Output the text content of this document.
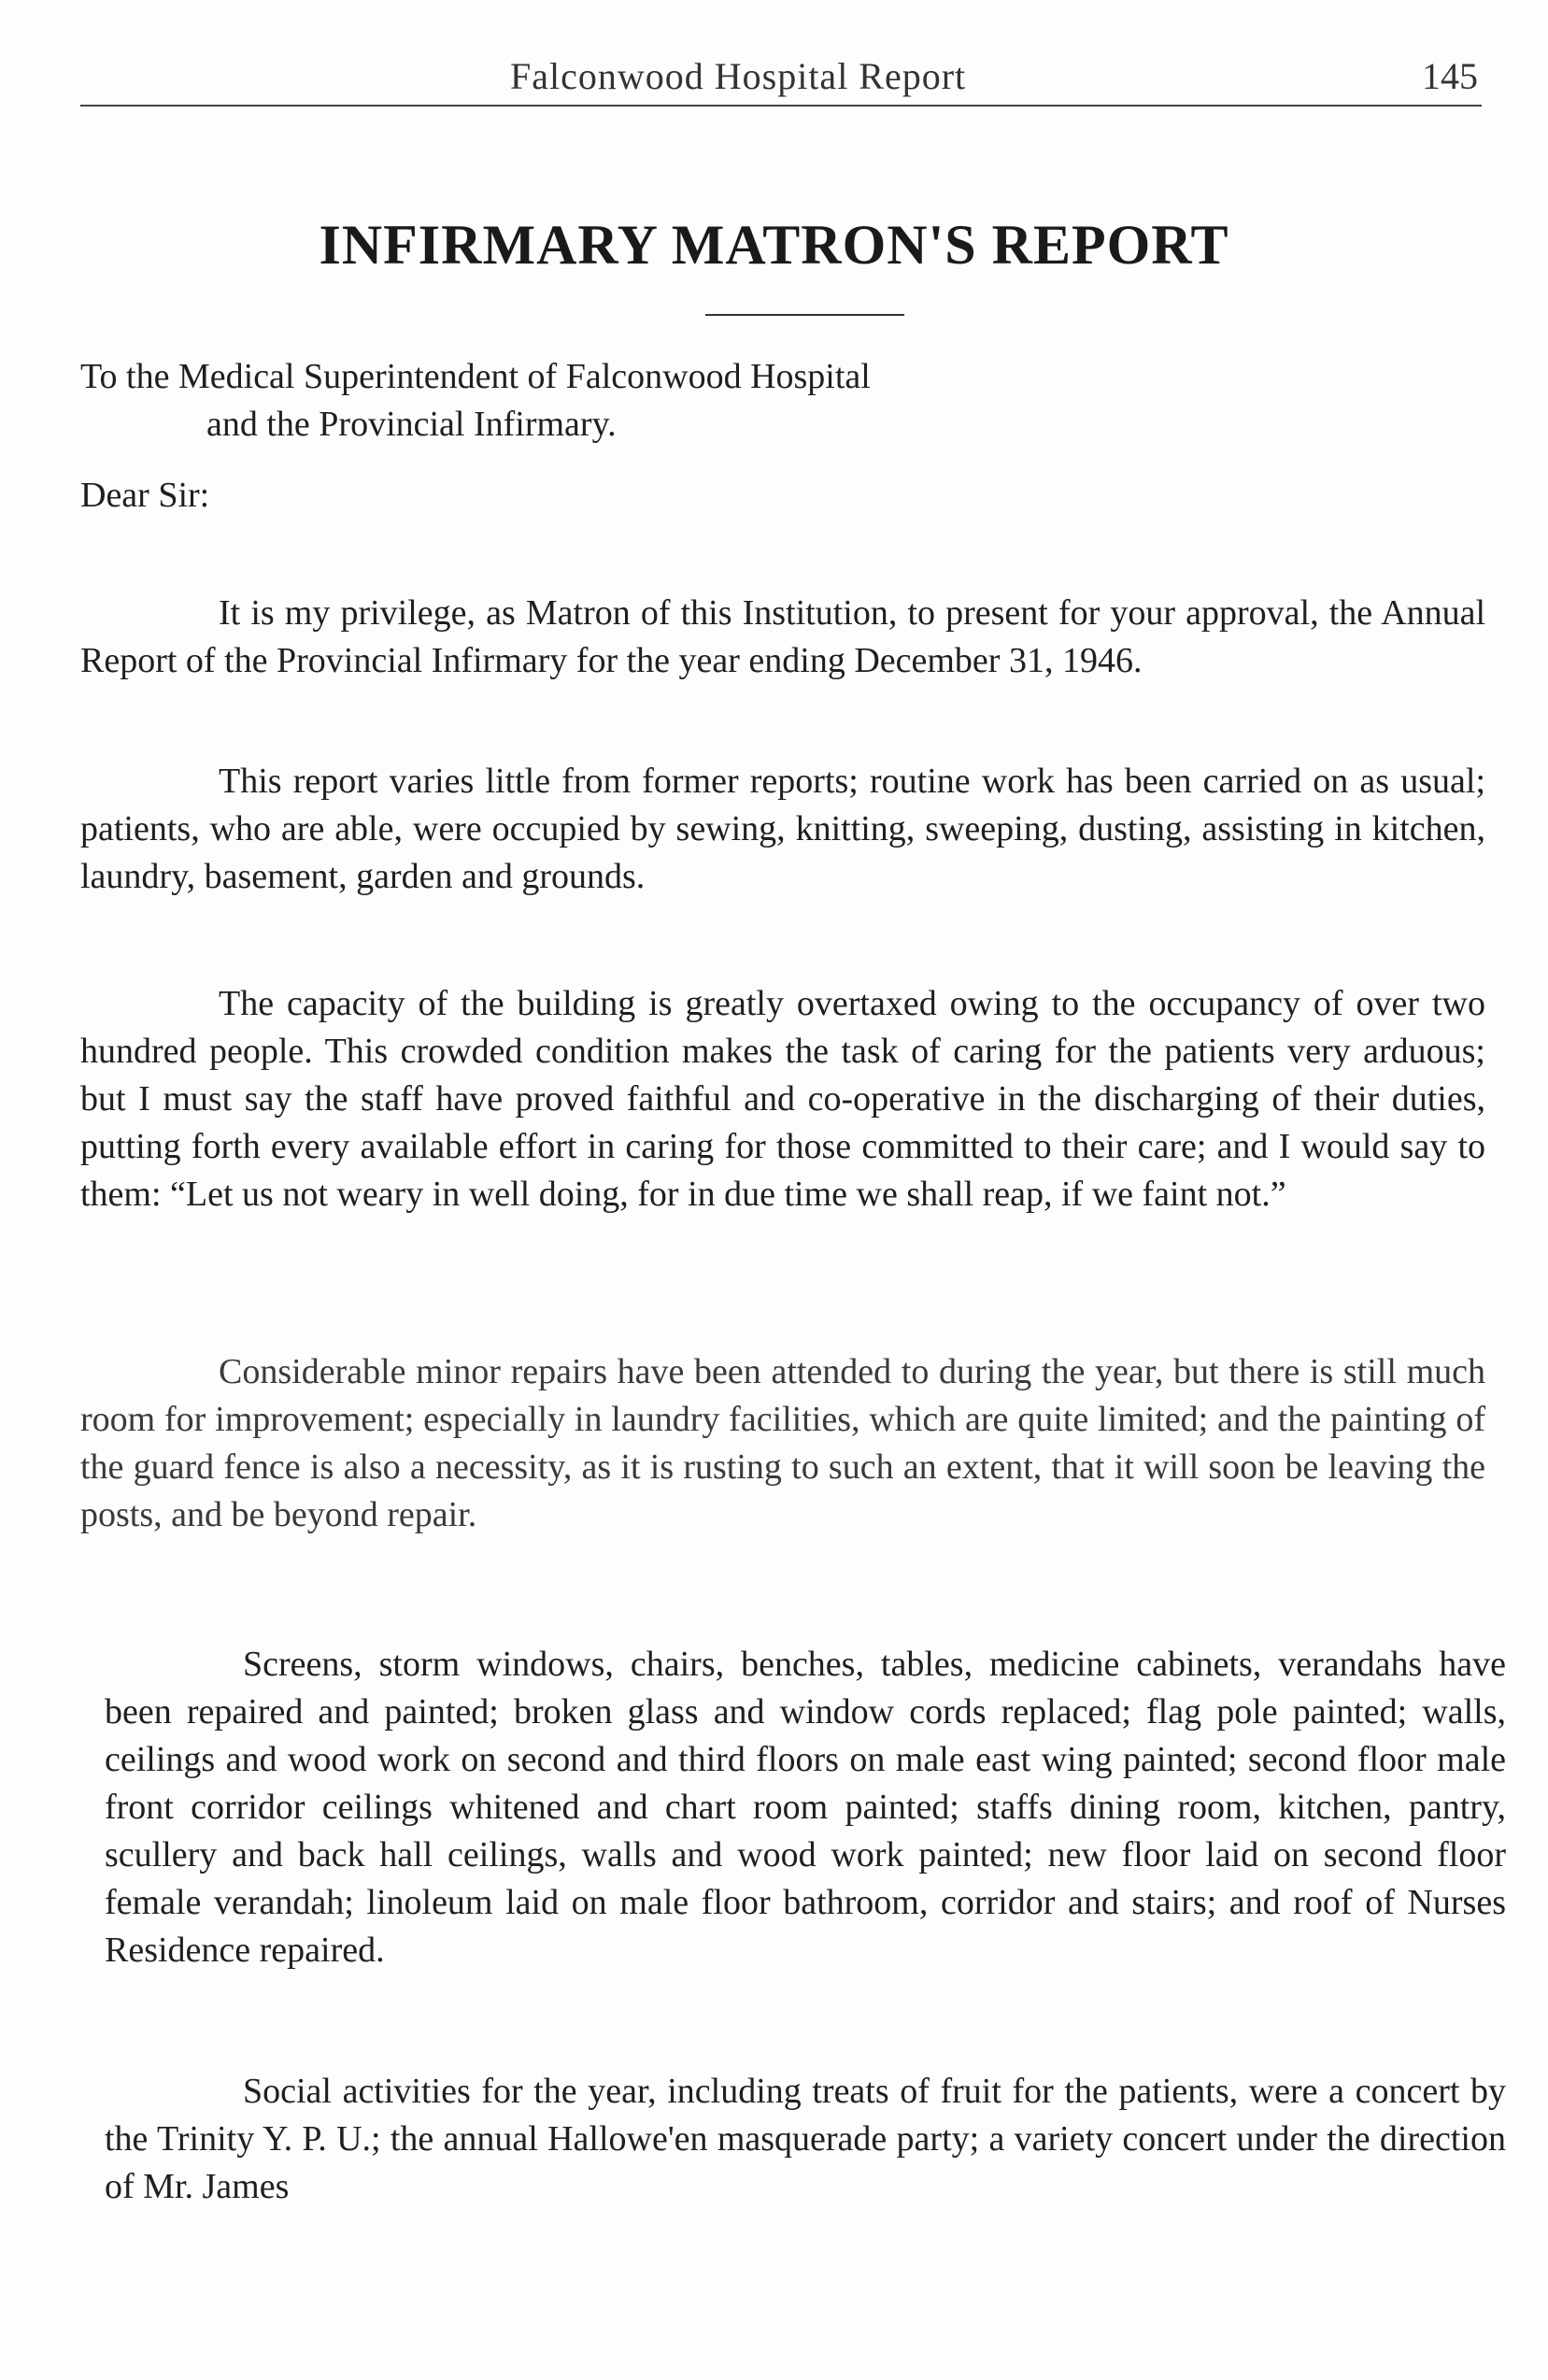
Falconwood Hospital Report	145
INFIRMARY MATRON'S REPORT
To the Medical Superintendent of Falconwood Hospital
and the Provincial Infirmary.
Dear Sir:

It is my privilege, as Matron of this Institution, to present for your approval, the Annual Report of the Provincial Infirmary for the year ending December 31, 1946.

This report varies little from former reports; routine work has been carried on as usual; patients, who are able, were occupied by sewing, knitting, sweeping, dusting, assisting in kitchen, laundry, basement, garden and grounds.

The capacity of the building is greatly overtaxed owing to the occupancy of over two hundred people. This crowded condition makes the task of caring for the patients very arduous; but I must say the staff have proved faithful and co-operative in the discharging of their duties, putting forth every available effort in caring for those committed to their care; and I would say to them: “Let us not weary in well doing, for in due time we shall reap, if we faint not.”

Considerable minor repairs have been attended to during the year, but there is still much room for improvement; especially in laundry facilities, which are quite limited; and the painting of the guard fence is also a necessity, as it is rusting to such an extent, that it will soon be leaving the posts, and be beyond repair.

Screens, storm windows, chairs, benches, tables, medicine cabinets, verandahs have been repaired and painted; broken glass and window cords replaced; flag pole painted; walls, ceilings and wood work on second and third floors on male east wing painted; second floor male front corridor ceilings whitened and chart room painted; staffs dining room, kitchen, pantry, scullery and back hall ceilings, walls and wood work painted; new floor laid on second floor female verandah; linoleum laid on male floor bathroom, corridor and stairs; and roof of Nurses Residence repaired.

Social activities for the year, including treats of fruit for the patients, were a concert by the Trinity Y. P. U.; the annual Hallowe'en masquerade party; a variety concert under the direction of Mr. James
